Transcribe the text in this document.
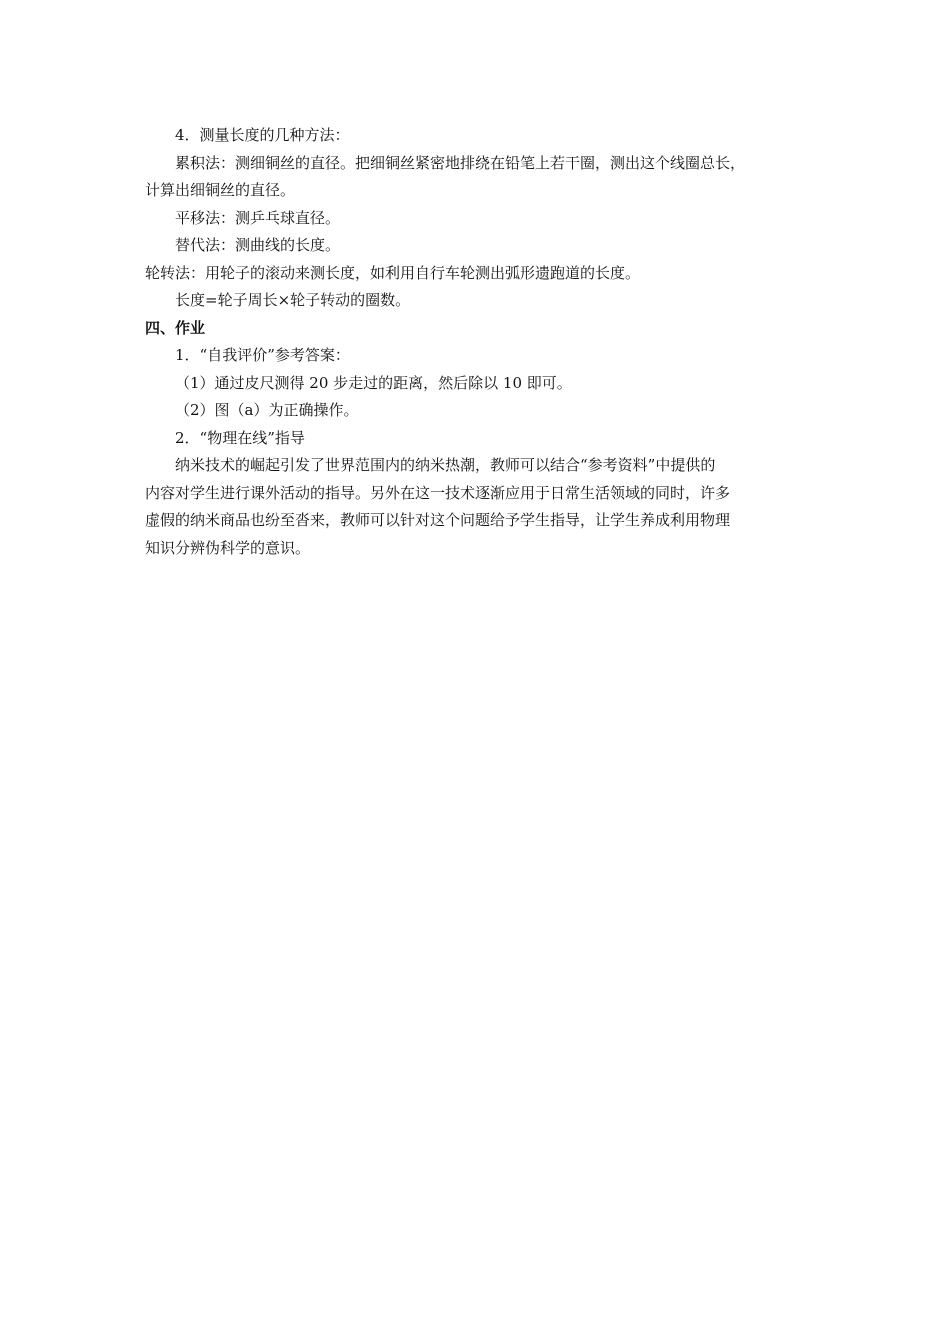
4．测量长度的几种方法：

累积法：测细铜丝的直径。把细铜丝紧密地排绕在铅笔上若干圈，测出这个线圈总长，

计算出细铜丝的直径。

平移法：测乒乓球直径。

替代法：测曲线的长度。

轮转法：用轮子的滚动来测长度，如利用自行车轮测出弧形遗跑道的长度。

长度=轮子周长×轮子转动的圈数。

四、作业

1．“自我评价”参考答案：

（1）通过皮尺测得 20 步走过的距离，然后除以 10 即可。

（2）图（a）为正确操作。

2．“物理在线”指导

纳米技术的崛起引发了世界范围内的纳米热潮，教师可以结合“参考资料”中提供的

内容对学生进行课外活动的指导。另外在这一技术逐渐应用于日常生活领域的同时，许多

虚假的纳米商品也纷至沓来，教师可以针对这个问题给予学生指导，让学生养成利用物理

知识分辨伪科学的意识。
